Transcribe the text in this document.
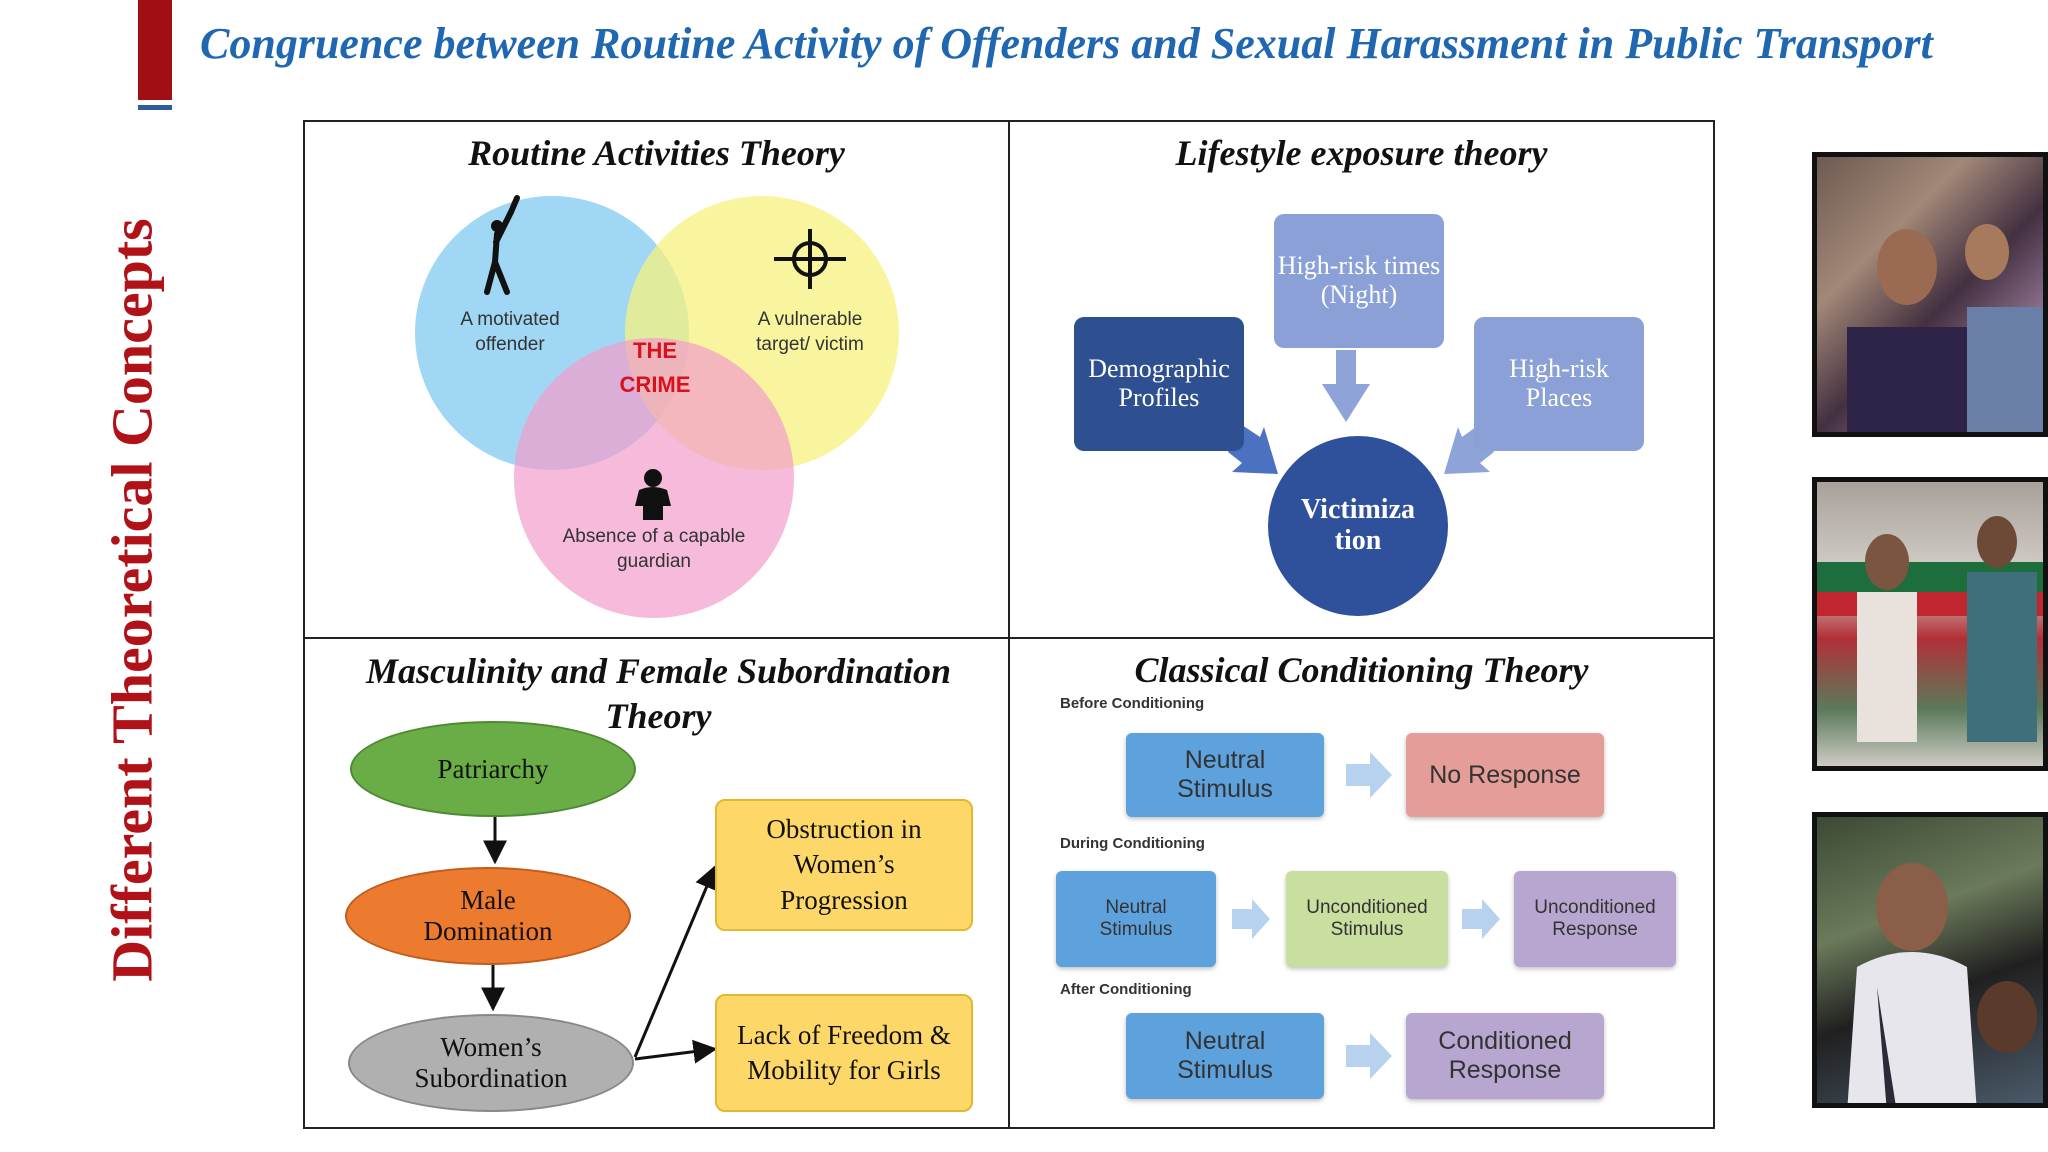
Congruence between Routine Activity of Offenders and Sexual Harassment in Public Transport
Different Theoretical Concepts
Routine Activities Theory
A motivated offender
A vulnerable target/ victim
THE
CRIME
Absence of a capable guardian
Lifestyle exposure theory
Demographic Profiles
High-risk times (Night)
High-risk Places
Victimiza
tion
Masculinity and Female Subordination Theory
Patriarchy
Male Domination
Women’s Subordination
Obstruction in Women’s Progression
Lack of Freedom & Mobility for Girls
Classical Conditioning Theory
Before Conditioning
During Conditioning
After Conditioning
Neutral Stimulus
No Response
Neutral Stimulus
Unconditioned Stimulus
Unconditioned Response
Neutral Stimulus
Conditioned Response
